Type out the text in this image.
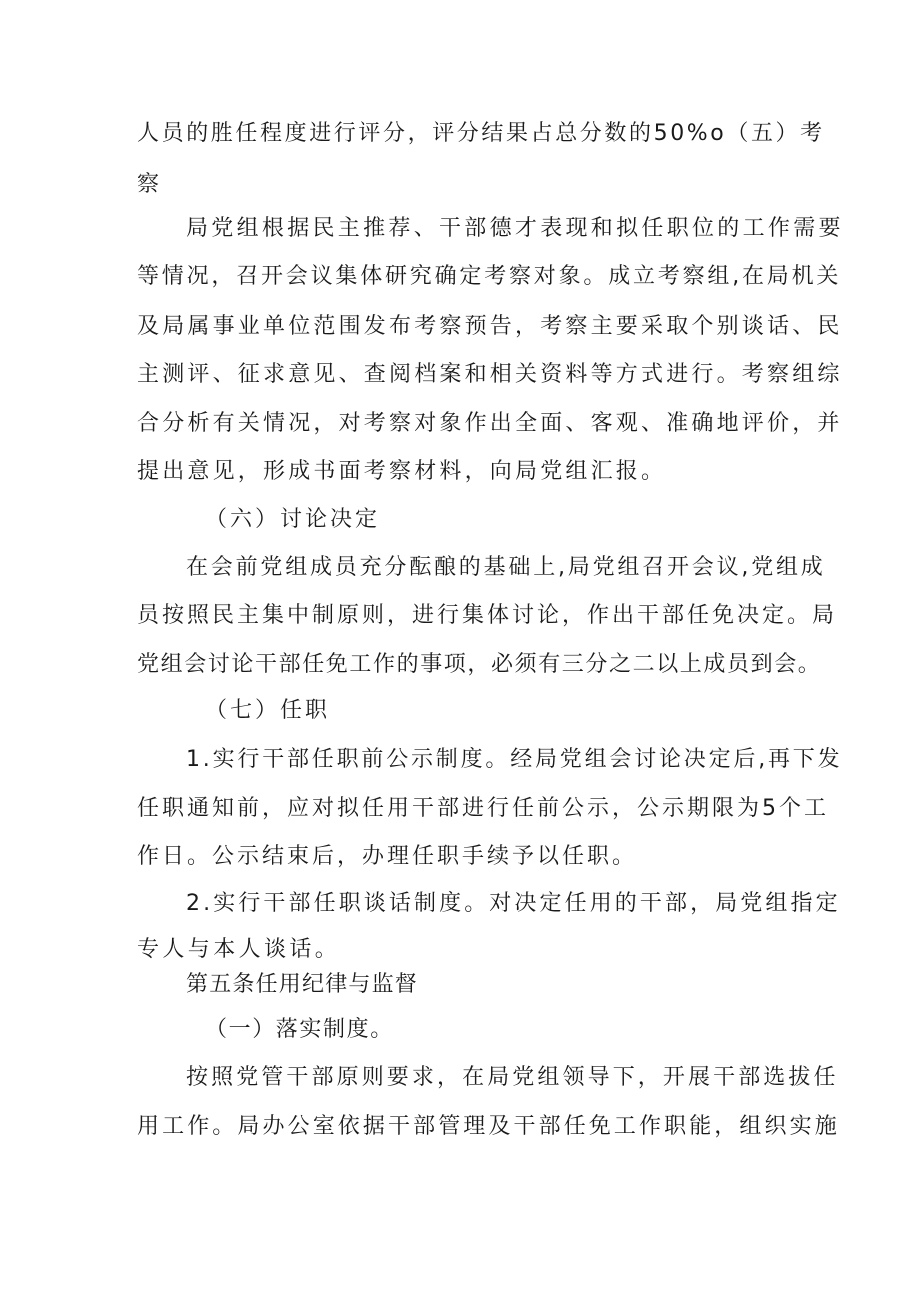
人员的胜任程度进行评分，评分结果占总分数的50%o（五）考
察
局党组根据民主推荐、干部德才表现和拟任职位的工作需要
等情况，召开会议集体研究确定考察对象。成立考察组,在局机关
及局属事业单位范围发布考察预告，考察主要采取个别谈话、民
主测评、征求意见、查阅档案和相关资料等方式进行。考察组综
合分析有关情况，对考察对象作出全面、客观、准确地评价，并
提出意见，形成书面考察材料，向局党组汇报。
（六）讨论决定
在会前党组成员充分酝酿的基础上,局党组召开会议,党组成
员按照民主集中制原则，进行集体讨论，作出干部任免决定。局
党组会讨论干部任免工作的事项，必须有三分之二以上成员到会。
（七）任职
1.实行干部任职前公示制度。经局党组会讨论决定后,再下发
任职通知前，应对拟任用干部进行任前公示，公示期限为5个工
作日。公示结束后，办理任职手续予以任职。
2.实行干部任职谈话制度。对决定任用的干部，局党组指定
专人与本人谈话。
第五条任用纪律与监督
（一）落实制度。
按照党管干部原则要求，在局党组领导下，开展干部选拔任
用工作。局办公室依据干部管理及干部任免工作职能，组织实施
